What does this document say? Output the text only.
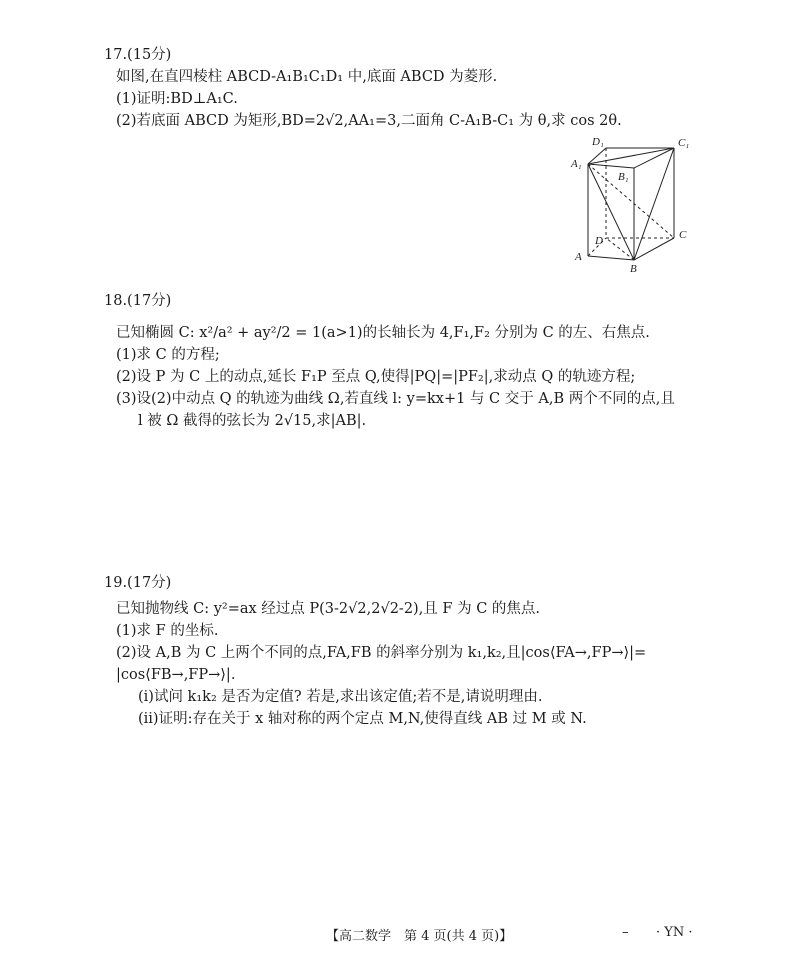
17.(15分)
如图,在直四棱柱 ABCD-A₁B₁C₁D₁ 中,底面 ABCD 为菱形.
(1)证明:BD⊥A₁C.
(2)若底面 ABCD 为矩形,BD=2√2,AA₁=3,二面角 C-A₁B-C₁ 为 θ,求 cos 2θ.
D₁	C₁
A₁
B₁
C
D
A
B
18.(17分)
已知椭圆 C: x²/a² + ay²/2 = 1(a>1)的长轴长为 4,F₁,F₂ 分别为 C 的左、右焦点.
(1)求 C 的方程;
(2)设 P 为 C 上的动点,延长 F₁P 至点 Q,使得|PQ|=|PF₂|,求动点 Q 的轨迹方程;
(3)设(2)中动点 Q 的轨迹为曲线 Ω,若直线 l: y=kx+1 与 C 交于 A,B 两个不同的点,且
l 被 Ω 截得的弦长为 2√15,求|AB|.
19.(17分)
已知抛物线 C: y²=ax 经过点 P(3-2√2,2√2-2),且 F 为 C 的焦点.
(1)求 F 的坐标.
(2)设 A,B 为 C 上两个不同的点,FA,FB 的斜率分别为 k₁,k₂,且|cos⟨FA→,FP→⟩|=
|cos⟨FB→,FP→⟩|.
(ⅰ)试问 k₁k₂ 是否为定值? 若是,求出该定值;若不是,请说明理由.
(ⅱ)证明:存在关于 x 轴对称的两个定点 M,N,使得直线 AB 过 M 或 N.
【高二数学　第 4 页(共 4 页)】	– · YN ·
